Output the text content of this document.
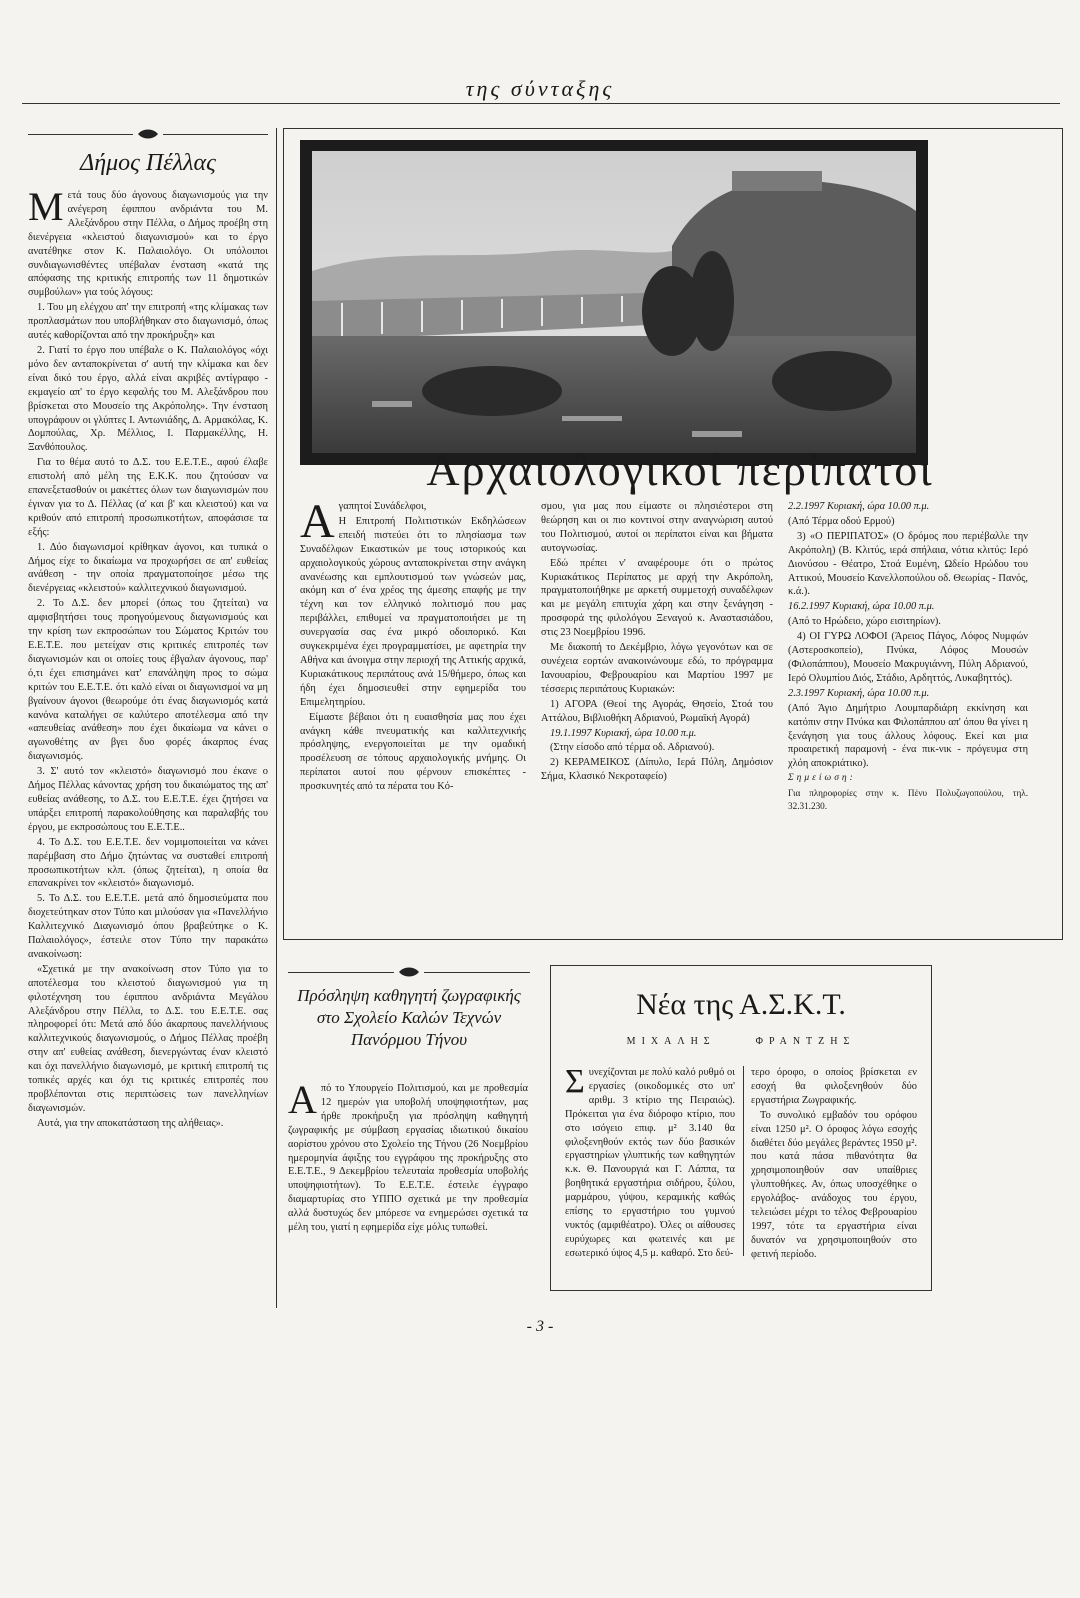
της σύνταξης
Δήμος Πέλλας
Μ ετά τους δύο άγονους διαγωνισμούς για την ανέγερση έφιππου ανδριάντα του Μ. Αλεξάνδρου στην Πέλλα, ο Δήμος προέβη στη διενέργεια «κλειστού διαγωνισμού» και το έργο ανατέθηκε στον Κ. Παλαιολόγο. Οι υπόλοιποι συνδιαγωνισθέντες υπέβαλαν ένσταση «κατά της απόφασης της κριτικής επιτροπής των 11 δημοτικών συμβούλων» για τούς λόγους:

1. Του μη ελέγχου απ' την επιτροπή «της κλίμακας των προπλασμάτων που υποβλήθηκαν στο διαγωνισμό, όπως αυτές καθορίζονται από την προκήρυξη» και

2. Γιατί το έργο που υπέβαλε ο Κ. Παλαιολόγος «όχι μόνο δεν ανταποκρίνεται σ' αυτή την κλίμακα και δεν είναι δικό του έργο, αλλά είναι ακριβές αντίγραφο - εκμαγείο απ' το έργο κεφαλής του Μ. Αλεξάνδρου που βρίσκεται στο Μουσείο της Ακρόπολης». Την ένσταση υπογράφουν οι γλύπτες Ι. Αντωνιάδης, Δ. Αρμακόλας, Κ. Δομπούλας, Χρ. Μέλλιος, Ι. Παρμακέλλης, Η. Ξανθόπουλος.

Για το θέμα αυτό το Δ.Σ. του Ε.Ε.Τ.Ε., αφού έλαβε επιστολή από μέλη της Ε.Κ.Κ. που ζητούσαν να επανεξετασθούν οι μακέττες όλων των διαγωνισμών που έγιναν για το Δ. Πέλλας (α' και β' και κλειστού) και να κριθούν από επιτροπή προσωπικοτήτων, αποφάσισε τα εξής:

1. Δύο διαγωνισμοί κρίθηκαν άγονοι, και τυπικά ο Δήμος είχε το δικαίωμα να προχωρήσει σε απ' ευθείας ανάθεση - την οποία πραγματοποίησε μέσω της διενέργειας «κλειστού» καλλιτεχνικού διαγωνισμού.

2. Το Δ.Σ. δεν μπορεί (όπως του ζητείται) να αμφισβητήσει τους προηγούμενους διαγωνισμούς και την κρίση των εκπροσώπων του Σώματος Κριτών του Ε.Ε.Τ.Ε. που μετείχαν στις κριτικές επιτροπές των διαγωνισμών και οι οποίες τους έβγαλαν άγονους, παρ' ό,τι έχει επισημάνει κατ' επανάληψη προς το σώμα κριτών του Ε.Ε.Τ.Ε. ότι καλό είναι οι διαγωνισμοί να μη βγαίνουν άγονοι (θεωρούμε ότι ένας διαγωνισμός κατά κανόνα καταλήγει σε καλύτερο αποτέλεσμα από την «απευθείας ανάθεση» που έχει δικαίωμα να κάνει ο αγωνοθέτης αν βγει δυο φορές άκαρπος ένας διαγωνισμός.

3. Σ' αυτό τον «κλειστό» διαγωνισμό που έκανε ο Δήμος Πέλλας κάνοντας χρήση του δικαιώματος της απ' ευθείας ανάθεσης, το Δ.Σ. του Ε.Ε.Τ.Ε. έχει ζητήσει να υπάρξει επιτροπή παρακολούθησης και παραλαβής του έργου, με εκπροσώπους του Ε.Ε.Τ.Ε..

4. Το Δ.Σ. του Ε.Ε.Τ.Ε. δεν νομιμοποιείται να κάνει παρέμβαση στο Δήμο ζητώντας να συσταθεί επιτροπή προσωπικοτήτων κλπ. (όπως ζητείται), η οποία θα επανακρίνει τον «κλειστό» διαγωνισμό.

5. Το Δ.Σ. του Ε.Ε.Τ.Ε. μετά από δημοσιεύματα που διοχετεύτηκαν στον Τύπο και μιλούσαν για «Πανελλήνιο Καλλιτεχνικό Διαγωνισμό όπου βραβεύτηκε ο Κ. Παλαιολόγος», έστειλε στον Τύπο την παρακάτω ανακοίνωση:

«Σχετικά με την ανακοίνωση στον Τύπο για το αποτέλεσμα του κλειστού διαγωνισμού για τη φιλοτέχνηση του έφιππου ανδριάντα Μεγάλου Αλεξάνδρου στην Πέλλα, το Δ.Σ. του Ε.Ε.Τ.Ε. σας πληροφορεί ότι: Μετά από δύο άκαρπους πανελλήνιους καλλιτεχνικούς διαγωνισμούς, ο Δήμος Πέλλας προέβη στην απ' ευθείας ανάθεση, διενεργώντας έναν κλειστό και όχι πανελλήνιο διαγωνισμό, με κριτική επιτροπή τις τοπικές αρχές και όχι τις κριτικές επιτροπές που προβλέπονται στις περιπτώσεις των πανελληνίων διαγωνισμών.

Αυτά, για την αποκατάσταση της αλήθειας».

Αρχαιολογικοί περίπατοι
Α γαπητοί Συνάδελφοι,

Η Επιτροπή Πολιτιστικών Εκδηλώσεων επειδή πιστεύει ότι το πλησίασμα των Συναδέλφων Εικαστικών με τους ιστορικούς και αρχαιολογικούς χώρους ανταποκρίνεται στην ανάγκη ανανέωσης και εμπλουτισμού των γνώσεών μας, ακόμη και σ' ένα χρέος της άμεσης επαφής με την τέχνη και τον ελληνικό πολιτισμό που μας περιβάλλει, επιθυμεί να πραγματοποιήσει με τη συνεργασία σας ένα μικρό οδοιπορικό. Και συγκεκριμένα έχει προγραμματίσει, με αφετηρία την Αθήνα και άνοιγμα στην περιοχή της Αττικής αρχικά, Κυριακάτικους περιπάτους ανά 15/θήμερο, όπως και ήδη έχει δημοσιευθεί στην εφημερίδα του Επιμελητηρίου.

Είμαστε βέβαιοι ότι η ευαισθησία μας που έχει ανάγκη κάθε πνευματικής και καλλιτεχνικής πρόσληψης, ενεργοποιείται με την ομαδική προσέλευση σε τόπους αρχαιολογικής μνήμης. Οι περίπατοι αυτοί που φέρνουν επισκέπτες - προσκυνητές από τα πέρατα του Κό-

σμου, για μας που είμαστε οι πλησιέστεροι στη θεώρηση και οι πιο κοντινοί στην αναγνώριση αυτού του Πολιτισμού, αυτοί οι περίπατοι είναι και βήματα αυτογνωσίας.

Εδώ πρέπει ν' αναφέρουμε ότι ο πρώτος Κυριακάτικος Περίπατος με αρχή την Ακρόπολη, πραγματοποιήθηκε με αρκετή συμμετοχή συναδέλφων και με μεγάλη επιτυχία χάρη και στην ξενάγηση - προσφορά της φιλολόγου Ξεναγού κ. Αναστασιάδου, στις 23 Νοεμβρίου 1996.

Με διακοπή το Δεκέμβριο, λόγω γεγονότων και σε συνέχεια εορτών ανακοινώνουμε εδώ, το πρόγραμμα Ιανουαρίου, Φεβρουαρίου και Μαρτίου 1997 με τέσσερις περιπάτους Κυριακών:

1) ΑΓΟΡΑ (Θεοί της Αγοράς, Θησείο, Στοά του Αττάλου, Βιβλιοθήκη Αδριανού, Ρωμαϊκή Αγορά)

19.1.1997 Κυριακή, ώρα 10.00 π.μ.

(Στην είσοδο από τέρμα οδ. Αδριανού).

2) ΚΕΡΑΜΕΙΚΟΣ (Δίπυλο, Ιερά Πύλη, Δημόσιον Σήμα, Κλασικό Νεκροταφείο)

2.2.1997 Κυριακή, ώρα 10.00 π.μ.

(Από Τέρμα οδού Ερμού)

3) «Ο ΠΕΡΙΠΑΤΟΣ» (Ο δρόμος που περιέβαλλε την Ακρόπολη) (Β. Κλιτύς, ιερά σπήλαια, νότια κλιτύς: Ιερό Διονύσου - Θέατρο, Στοά Ευμένη, Ωδείο Ηρώδου του Αττικού, Μουσείο Κανελλοπούλου οδ. Θεωρίας - Πανός, κ.ά.).

16.2.1997 Κυριακή, ώρα 10.00 π.μ.

(Από το Ηρώδειο, χώρο εισιτηρίων).

4) ΟΙ ΓΥΡΩ ΛΟΦΟΙ (Άρειος Πάγος, Λόφος Νυμφών (Αστεροσκοπείο), Πνύκα, Λόφος Μουσών (Φιλοπάππου), Μουσείο Μακρυγιάννη, Πύλη Αδριανού, Ιερό Ολυμπίου Διός, Στάδιο, Αρδηττός, Λυκαβηττός).

2.3.1997 Κυριακή, ώρα 10.00 π.μ.

(Από Άγιο Δημήτριο Λουμπαρδιάρη εκκίνηση και κατόπιν στην Πνύκα και Φιλοπάππου απ' όπου θα γίνει η ξενάγηση για τους άλλους λόφους. Εκεί και μια προαιρετική παραμονή - ένα πικ-νικ - πρόγευμα στη χλόη αποκριάτικο).

Σημείωση:

Για πληροφορίες στην κ. Πένυ Πολυζωγοπούλου, τηλ. 32.31.230.

Πρόσληψη καθηγητή ζωγραφικής στο Σχολείο Καλών Τεχνών Πανόρμου Τήνου
Α πό το Υπουργείο Πολιτισμού, και με προθεσμία 12 ημερών για υποβολή υποψηφιοτήτων, μας ήρθε προκήρυξη για πρόσληψη καθηγητή ζωγραφικής με σύμβαση εργασίας ιδιωτικού δικαίου αορίστου χρόνου στο Σχολείο της Τήνου (26 Νοεμβρίου ημερομηνία άφιξης του εγγράφου της προκήρυξης στο Ε.Ε.Τ.Ε., 9 Δεκεμβρίου τελευταία προθεσμία υποβολής υποψηφιοτήτων). Το Ε.Ε.Τ.Ε. έστειλε έγγραφο διαμαρτυρίας στο ΥΠΠΟ σχετικά με την προθεσμία αλλά δυστυχώς δεν μπόρεσε να ενημερώσει σχετικά τα μέλη του, γιατί η εφημερίδα είχε μόλις τυπωθεί.

Νέα της Α.Σ.Κ.Τ.
ΜΙΧΑΛΗΣ	ΦΡΑΝΤΖΗΣ
Σ υνεχίζονται με πολύ καλό ρυθμό οι εργασίες (οικοδομικές στο υπ' αριθμ. 3 κτίριο της Πειραιώς). Πρόκειται για ένα διόροφο κτίριο, που στο ισόγειο επιφ. μ² 3.140 θα φιλοξενηθούν εκτός των δύο βασικών εργαστηρίων γλυπτικής των καθηγητών κ.κ. Θ. Πανουργιά και Γ. Λάππα, τα βοηθητικά εργαστήρια σιδήρου, ξύλου, μαρμάρου, γύψου, κεραμικής καθώς επίσης το εργαστήριο του γυμνού νυκτός (αμφιθέατρο). Όλες οι αίθουσες ευρύχωρες και φωτεινές και με εσωτερικό ύψος 4,5 μ. καθαρό. Στο δεύ-

τερο όροφο, ο οποίος βρίσκεται εν εσοχή θα φιλοξενηθούν δύο εργαστήρια Ζωγραφικής.

Το συνολικό εμβαδόν του ορόφου είναι 1250 μ². Ο όροφος λόγω εσοχής διαθέτει δύο μεγάλες βεράντες 1950 μ². που κατά πάσα πιθανότητα θα χρησιμοποιηθούν σαν υπαίθριες γλυπτοθήκες. Αν, όπως υποσχέθηκε ο εργολάβος- ανάδοχος του έργου, τελειώσει μέχρι το τέλος Φεβρουαρίου 1997, τότε τα εργαστήρια είναι δυνατόν να χρησιμοποιηθούν στο φετινή περίοδο.

- 3 -
